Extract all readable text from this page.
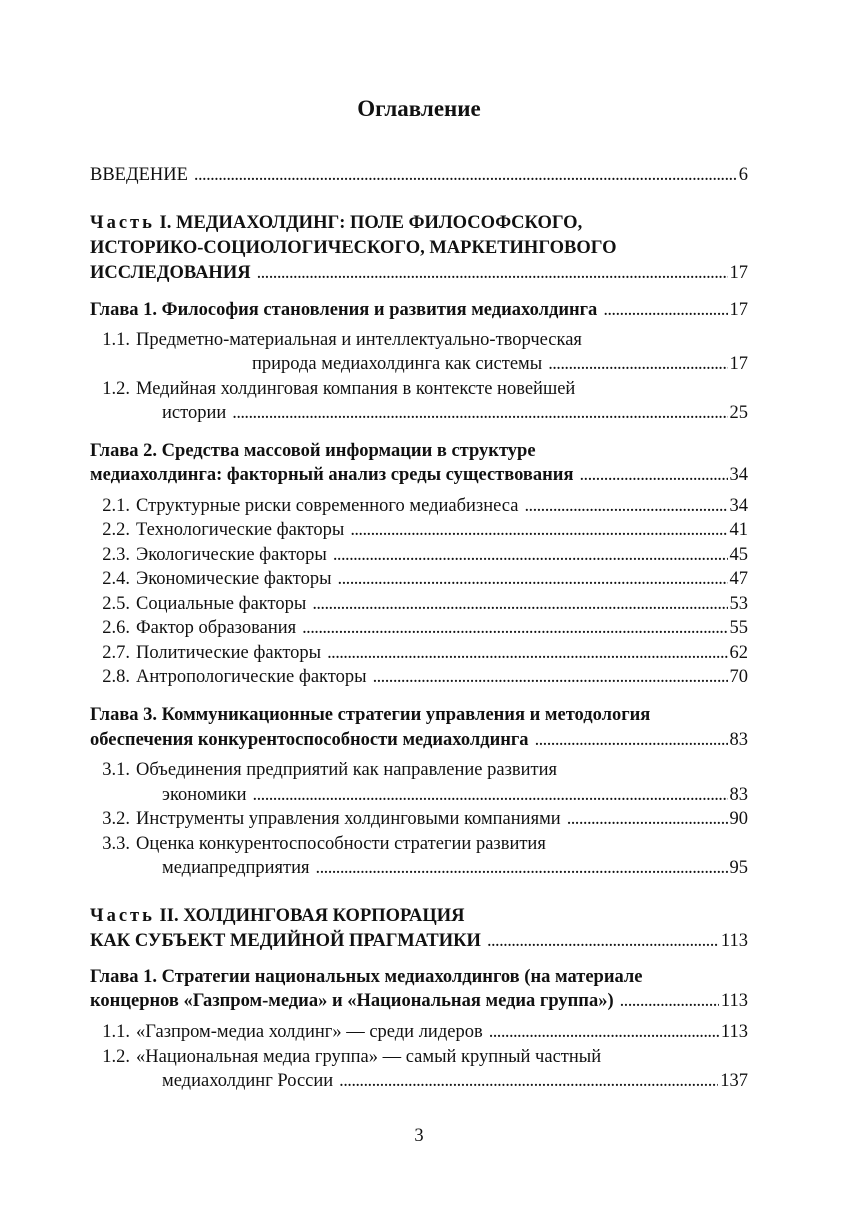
Оглавление
ВВЕДЕНИЕ . . .	6
Часть I. МЕДИАХОЛДИНГ: ПОЛЕ ФИЛОСОФСКОГО,
ИСТОРИКО-СОЦИОЛОГИЧЕСКОГО, МАРКЕТИНГОВОГО
ИССЛЕДОВАНИЯ . . .	17
Глава 1. Философия становления и развития медиахолдинга . . .	17
1.1. Предметно-материальная и интеллектуально-творческая
природа медиахолдинга как системы . . .	17
1.2. Медийная холдинговая компания в контексте новейшей
истории . . .	25
Глава 2. Средства массовой информации в структуре
медиахолдинга: факторный анализ среды существования . . .	34
2.1. Структурные риски современного медиабизнеса . . .	34
2.2. Технологические факторы . . .	41
2.3. Экологические факторы . . .	45
2.4. Экономические факторы . . .	47
2.5. Социальные факторы . . .	53
2.6. Фактор образования . . .	55
2.7. Политические факторы . . .	62
2.8. Антропологические факторы . . .	70
Глава 3. Коммуникационные стратегии управления и методология
обеспечения конкурентоспособности медиахолдинга . . .	83
3.1. Объединения предприятий как направление развития
экономики . . .	83
3.2. Инструменты управления холдинговыми компаниями . . .	90
3.3. Оценка конкурентоспособности стратегии развития
медиапредприятия . . .	95
Часть II. ХОЛДИНГОВАЯ КОРПОРАЦИЯ
КАК СУБЪЕКТ МЕДИЙНОЙ ПРАГМАТИКИ . . .	113
Глава 1. Стратегии национальных медиахолдингов (на материале
концернов «Газпром-медиа» и «Национальная медиа группа») . . .	113
1.1. «Газпром-медиа холдинг» — среди лидеров . . .	113
1.2. «Национальная медиа группа» — самый крупный частный
медиахолдинг России . . .	137
3
